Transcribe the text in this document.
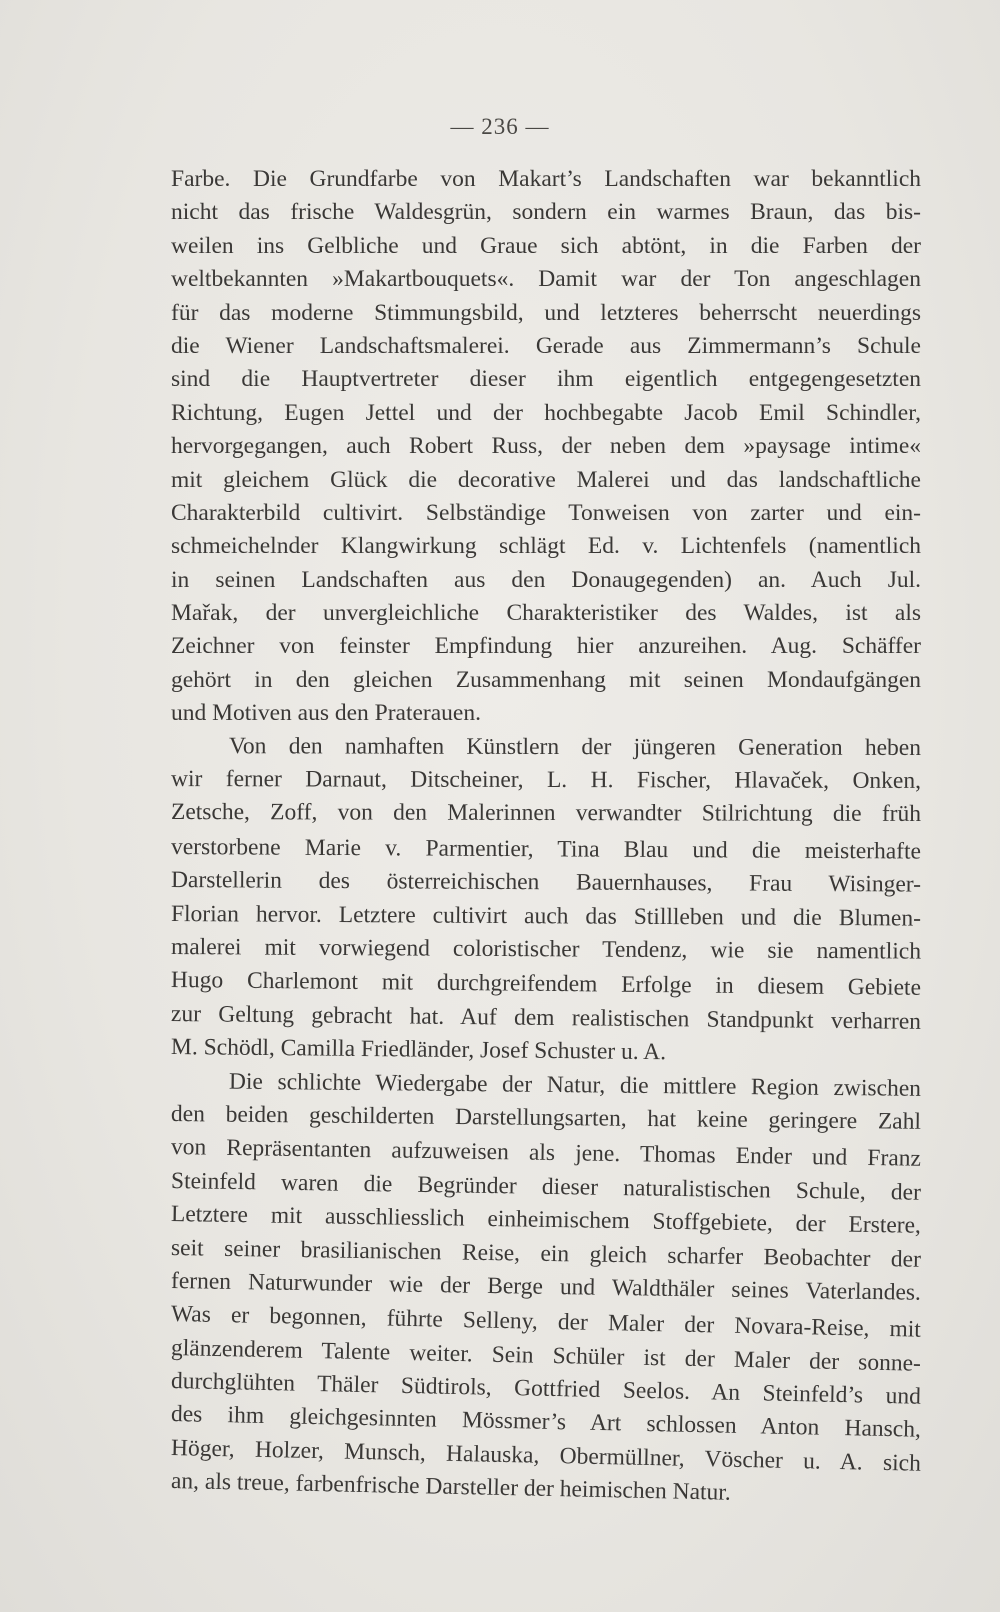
— 236 —
Farbe. Die Grundfarbe von Makart’s Landschaften war bekanntlich
nicht das frische Waldesgrün, sondern ein warmes Braun, das bis-
weilen ins Gelbliche und Graue sich abtönt, in die Farben der
weltbekannten »Makartbouquets«. Damit war der Ton angeschlagen
für das moderne Stimmungsbild, und letzteres beherrscht neuerdings
die Wiener Landschaftsmalerei. Gerade aus Zimmermann’s Schule
sind die Hauptvertreter dieser ihm eigentlich entgegengesetzten
Richtung, Eugen Jettel und der hochbegabte Jacob Emil Schindler,
hervorgegangen, auch Robert Russ, der neben dem »paysage intime«
mit gleichem Glück die decorative Malerei und das landschaftliche
Charakterbild cultivirt. Selbständige Tonweisen von zarter und ein-
schmeichelnder Klangwirkung schlägt Ed. v. Lichtenfels (namentlich
in seinen Landschaften aus den Donaugegenden) an. Auch Jul.
Mařak, der unvergleichliche Charakteristiker des Waldes, ist als
Zeichner von feinster Empfindung hier anzureihen. Aug. Schäffer
gehört in den gleichen Zusammenhang mit seinen Mondaufgängen
und Motiven aus den Praterauen.
Von den namhaften Künstlern der jüngeren Generation heben
wir ferner Darnaut, Ditscheiner, L. H. Fischer, Hlavaček, Onken,
Zetsche, Zoff, von den Malerinnen verwandter Stilrichtung die früh
verstorbene Marie v. Parmentier, Tina Blau und die meisterhafte
Darstellerin des österreichischen Bauernhauses, Frau Wisinger-
Florian hervor. Letztere cultivirt auch das Stillleben und die Blumen-
malerei mit vorwiegend coloristischer Tendenz, wie sie namentlich
Hugo Charlemont mit durchgreifendem Erfolge in diesem Gebiete
zur Geltung gebracht hat. Auf dem realistischen Standpunkt verharren
M. Schödl, Camilla Friedländer, Josef Schuster u. A.
Die schlichte Wiedergabe der Natur, die mittlere Region zwischen
den beiden geschilderten Darstellungsarten, hat keine geringere Zahl
von Repräsentanten aufzuweisen als jene. Thomas Ender und Franz
Steinfeld waren die Begründer dieser naturalistischen Schule, der
Letztere mit ausschliesslich einheimischem Stoffgebiete, der Erstere,
seit seiner brasilianischen Reise, ein gleich scharfer Beobachter der
fernen Naturwunder wie der Berge und Waldthäler seines Vaterlandes.
Was er begonnen, führte Selleny, der Maler der Novara-Reise, mit
glänzenderem Talente weiter. Sein Schüler ist der Maler der sonne-
durchglühten Thäler Südtirols, Gottfried Seelos. An Steinfeld’s und
des ihm gleichgesinnten Mössmer’s Art schlossen Anton Hansch,
Höger, Holzer, Munsch, Halauska, Obermüllner, Vöscher u. A. sich
an, als treue, farbenfrische Darsteller der heimischen Natur.
